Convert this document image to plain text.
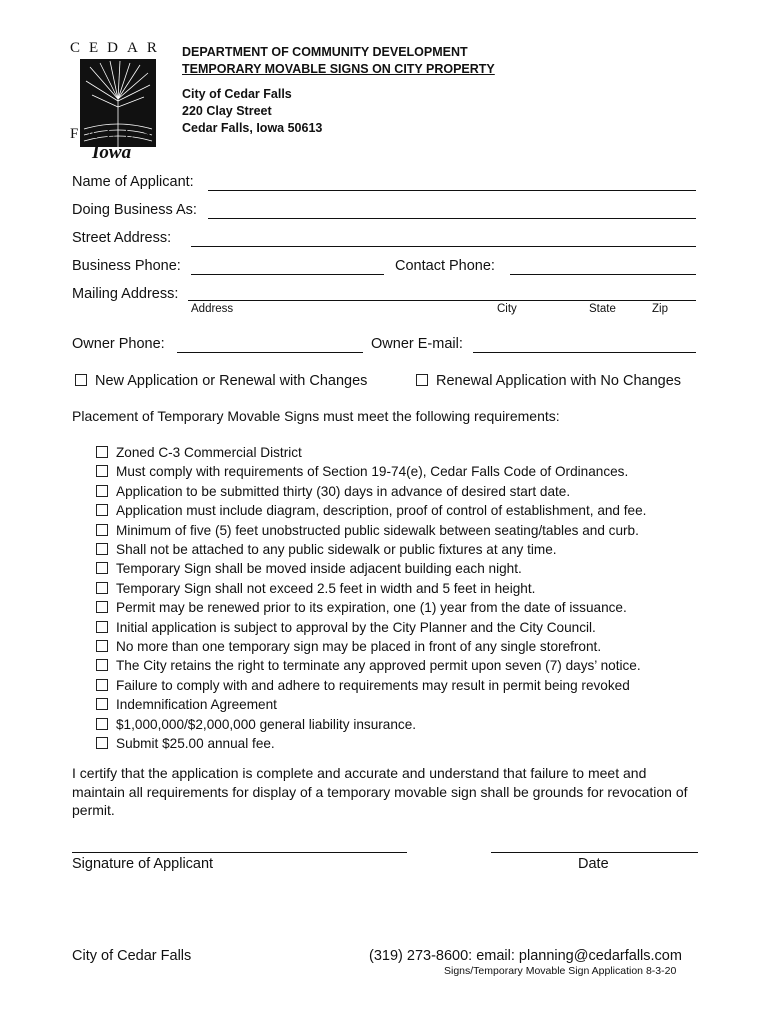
CEDAR
FALLS
Iowa
DEPARTMENT OF COMMUNITY DEVELOPMENT
TEMPORARY MOVABLE SIGNS ON CITY PROPERTY
City of Cedar Falls
220 Clay Street
Cedar Falls, Iowa 50613
Name of Applicant:
Doing Business As:
Street Address:
Business Phone:	Contact Phone:
Mailing Address:
Address	City	State	Zip
Owner Phone:	Owner E-mail:
New Application or Renewal with Changes	Renewal Application with No Changes
Placement of Temporary Movable Signs must meet the following requirements:
Zoned C-3 Commercial District
Must comply with requirements of Section 19-74(e), Cedar Falls Code of Ordinances.
Application to be submitted thirty (30) days in advance of desired start date.
Application must include diagram, description, proof of control of establishment, and fee.
Minimum of five (5) feet unobstructed public sidewalk between seating/tables and curb.
Shall not be attached to any public sidewalk or public fixtures at any time.
Temporary Sign shall be moved inside adjacent building each night.
Temporary Sign shall not exceed 2.5 feet in width and 5 feet in height.
Permit may be renewed prior to its expiration, one (1) year from the date of issuance.
Initial application is subject to approval by the City Planner and the City Council.
No more than one temporary sign may be placed in front of any single storefront.
The City retains the right to terminate any approved permit upon seven (7) days’ notice.
Failure to comply with and adhere to requirements may result in permit being revoked
Indemnification Agreement
$1,000,000/$2,000,000 general liability insurance.
Submit $25.00 annual fee.
I certify that the application is complete and accurate and understand that failure to meet and maintain all requirements for display of a temporary movable sign shall be grounds for revocation of permit.
Signature of Applicant	Date
City of Cedar Falls	(319) 273-8600: email: planning@cedarfalls.com
Signs/Temporary Movable Sign Application 8-3-20
